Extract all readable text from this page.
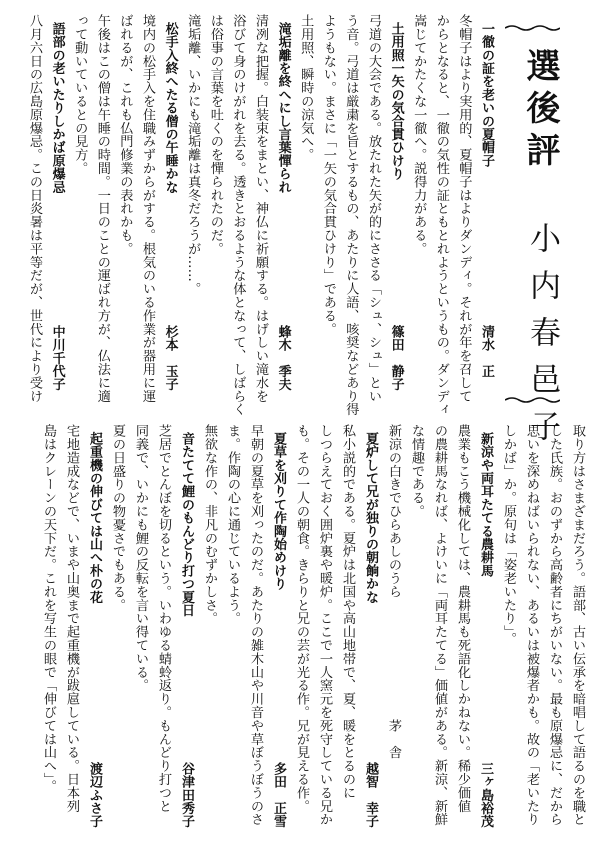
選後評
小内春邑子
一徹の証を老いの夏帽子
清水　正
冬帽子はより実用的、夏帽子はよりダンディ。それが年を召して
からとなると、一徹の気性の証ともとれようというもの。ダンディ
嵩じてかたくな一徹へ。説得力がある。
土用照一矢の気合貫ひけり
篠田　静子
弓道の大会である。放たれた矢が的にささる「シュ、シュ」とい
う音。弓道は厳粛を旨とするもの、あたりに人語、咳奨などあり得
ようもない。まさに「一矢の気合貫ひけり」である。
土用照、瞬時の涼気へ。
滝垢離を終へにし言葉憚られ
蜂木　季夫
清冽な把握。白装束をまとい、神仏に祈願する。はげしい滝水を
浴びて身のけがれを去る。透きとおるような体となって、しばらく
は俗事の言葉を吐くのを憚られたのだ。
滝垢離、いかにも滝垢離は真冬だろうが……。
松手入終へたる僧の午睡かな
杉本　玉子
境内の松手入を住職みずからがする。根気のいる作業が器用に運
ばれるが、これも仏門修業の表れかも。
午後はこの僧は午睡の時間。一日のことの運ばれ方が、仏法に適
って動いているとの見方。
語部の老いたりしかば原爆忌
中川千代子
八月六日の広島原爆忌。この日炎暑は平等だが、世代により受け
取り方はさまざまだろう。語部、古い伝承を暗唱して語るのを職と
した氏族。おのずから高齢者にちがいない。最も原爆忌に、だから
思いを深めねばいられない、あるいは被爆者かも。故の「老いたり
しかば」か。原句は「姿老いたり」。
新涼や両耳たてる農耕馬
三ヶ島裕茂
農業もこう機械化しては、農耕馬も死語化しかねない。稀少価値
の農耕馬なれば、よけいに「両耳たてる」価値がある。新涼、新鮮
な情趣である。
新涼の白きでひらあしのうら　　　　　　　　　茅　舎
夏炉して兄が独りの朝餉かな
越智　幸子
私小説的である。夏炉は北国や高山地帯で、夏、暖をとるのに
しつらえておく囲炉裏や暖炉。ここで一人窯元を死守している兄か
も。その一人の朝食。きらりと兄の芸が光る作。兄が見える作。
夏草を刈りて作陶始めけり
多田　正雪
早朝の夏草を刈ったのだ。あたりの雑木山や川音や草ぼうぼうのさ
ま。作陶の心に通じているよう。
無欲な作の、非凡のむずかしさ。
音たてて鯉のもんどり打つ夏日
谷津田秀子
芝居でとんぼを切るという。いわゆる蜻蛉返り。もんどり打つと
同義で、いかにも鯉の反転を言い得ている。
夏の日盛りの物憂さでもある。
起重機の伸びては山へ朴の花
渡辺ふさ子
宅地造成などで、いまや山奥まで起重機が跋扈している。日本列
島はクレーンの天下だ。これを写生の眼で「伸びては山へ」。
